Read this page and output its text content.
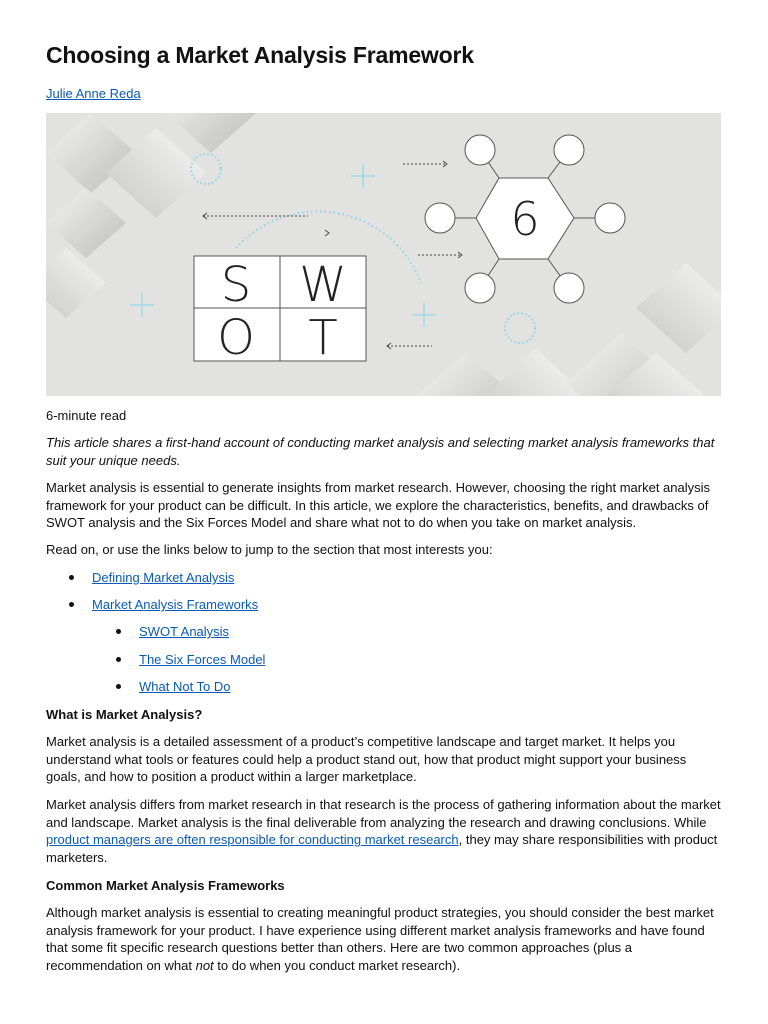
Choosing a Market Analysis Framework
Julie Anne Reda
S W
O T
6
6-minute read
This article shares a first-hand account of conducting market analysis and selecting market analysis frameworks that suit your unique needs.
Market analysis is essential to generate insights from market research. However, choosing the right market analysis framework for your product can be difficult. In this article, we explore the characteristics, benefits, and drawbacks of SWOT analysis and the Six Forces Model and share what not to do when you take on market analysis.
Read on, or use the links below to jump to the section that most interests you:
Defining Market Analysis
Market Analysis Frameworks
SWOT Analysis
The Six Forces Model
What Not To Do
What is Market Analysis?
Market analysis is a detailed assessment of a product’s competitive landscape and target market. It helps you understand what tools or features could help a product stand out, how that product might support your business goals, and how to position a product within a larger marketplace.
Market analysis differs from market research in that research is the process of gathering information about the market and landscape. Market analysis is the final deliverable from analyzing the research and drawing conclusions. While product managers are often responsible for conducting market research, they may share responsibilities with product marketers.
Common Market Analysis Frameworks
Although market analysis is essential to creating meaningful product strategies, you should consider the best market analysis framework for your product. I have experience using different market analysis frameworks and have found that some fit specific research questions better than others. Here are two common approaches (plus a recommendation on what not to do when you conduct market research).
